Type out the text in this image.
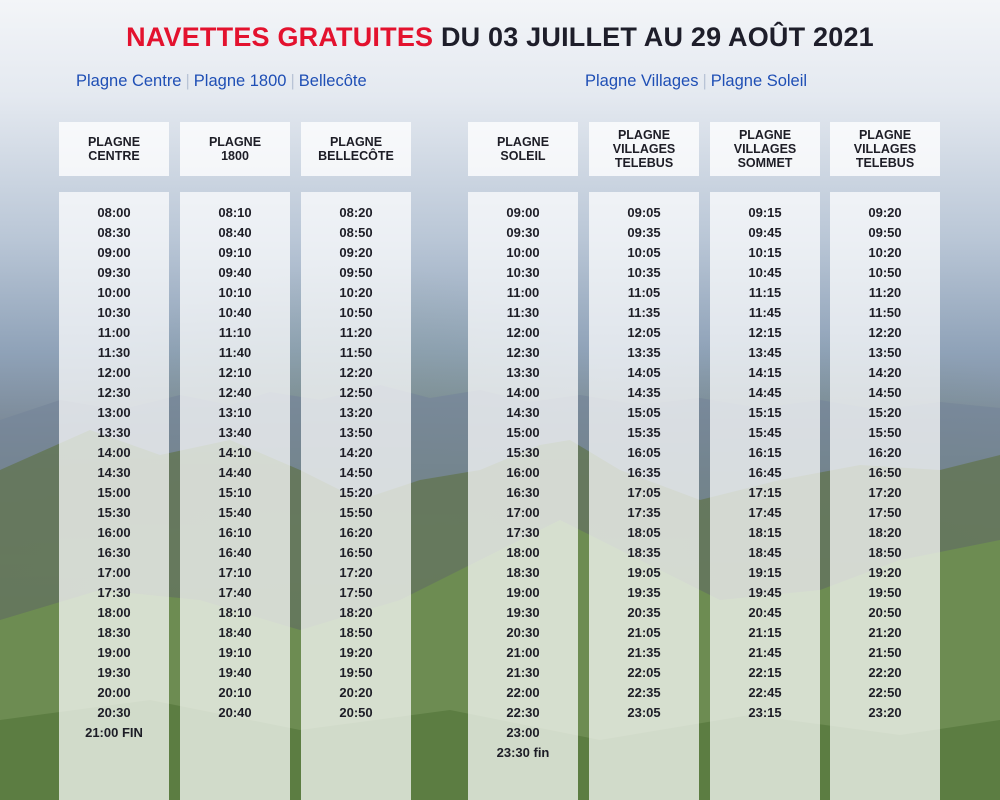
NAVETTES GRATUITES DU 03 JUILLET AU 29 AOÛT 2021
Plagne Centre | Plagne 1800 | Bellecôte	Plagne Villages | Plagne Soleil
PLAGNE
CENTRE
08:00
08:30
09:00
09:30
10:00
10:30
11:00
11:30
12:00
12:30
13:00
13:30
14:00
14:30
15:00
15:30
16:00
16:30
17:00
17:30
18:00
18:30
19:00
19:30
20:00
20:30
21:00 FIN
PLAGNE
1800
08:10
08:40
09:10
09:40
10:10
10:40
11:10
11:40
12:10
12:40
13:10
13:40
14:10
14:40
15:10
15:40
16:10
16:40
17:10
17:40
18:10
18:40
19:10
19:40
20:10
20:40
PLAGNE
BELLECÔTE
08:20
08:50
09:20
09:50
10:20
10:50
11:20
11:50
12:20
12:50
13:20
13:50
14:20
14:50
15:20
15:50
16:20
16:50
17:20
17:50
18:20
18:50
19:20
19:50
20:20
20:50
PLAGNE
SOLEIL
09:00
09:30
10:00
10:30
11:00
11:30
12:00
12:30
13:30
14:00
14:30
15:00
15:30
16:00
16:30
17:00
17:30
18:00
18:30
19:00
19:30
20:30
21:00
21:30
22:00
22:30
23:00
23:30 fin
PLAGNE
VILLAGES
TELEBUS
09:05
09:35
10:05
10:35
11:05
11:35
12:05
13:35
14:05
14:35
15:05
15:35
16:05
16:35
17:05
17:35
18:05
18:35
19:05
19:35
20:35
21:05
21:35
22:05
22:35
23:05
PLAGNE
VILLAGES
SOMMET
09:15
09:45
10:15
10:45
11:15
11:45
12:15
13:45
14:15
14:45
15:15
15:45
16:15
16:45
17:15
17:45
18:15
18:45
19:15
19:45
20:45
21:15
21:45
22:15
22:45
23:15
PLAGNE
VILLAGES
TELEBUS
09:20
09:50
10:20
10:50
11:20
11:50
12:20
13:50
14:20
14:50
15:20
15:50
16:20
16:50
17:20
17:50
18:20
18:50
19:20
19:50
20:50
21:20
21:50
22:20
22:50
23:20
